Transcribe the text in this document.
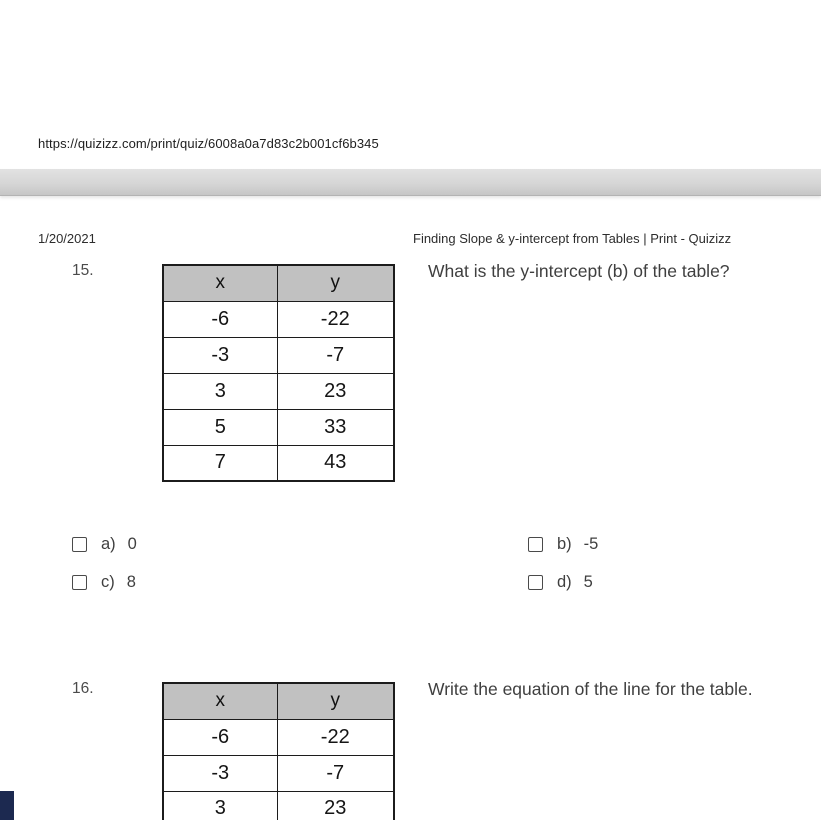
https://quizizz.com/print/quiz/6008a0a7d83c2b001cf6b345
1/20/2021	Finding Slope & y-intercept from Tables | Print - Quizizz
15.
x	y
-6	-22
-3	-7
3	23
5	33
7	43
What is the y-intercept (b) of the table?
a) 0	b) -5
c) 8	d) 5
16.
x	y
-6	-22
-3	-7
3	23
Write the equation of the line for the table.
